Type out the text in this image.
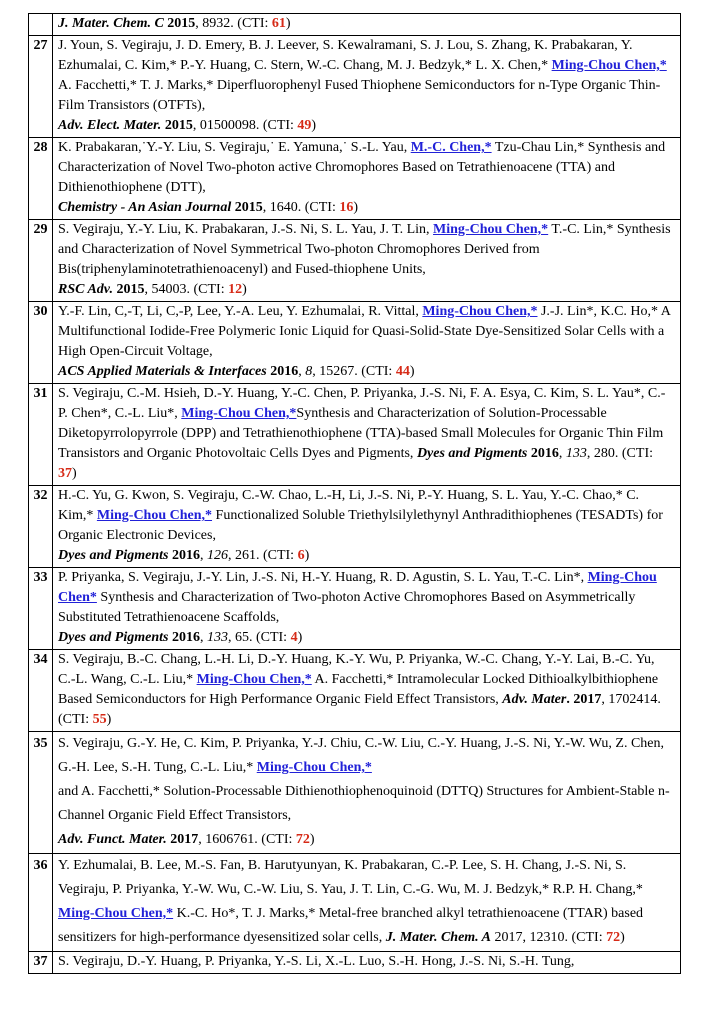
	J. Mater. Chem. C 2015, 8932. (CTI: 61)
27	J. Youn, S. Vegiraju, J. D. Emery, B. J. Leever, S. Kewalramani, S. J. Lou, S. Zhang, K. Prabakaran, Y. Ezhumalai, C. Kim,* P.-Y. Huang, C. Stern, W.-C. Chang, M. J. Bedzyk,* L. X. Chen,* Ming-Chou Chen,* A. Facchetti,* T. J. Marks,* Diperfluorophenyl Fused Thiophene Semiconductors for n-Type Organic Thin-Film Transistors (OTFTs),
Adv. Elect. Mater. 2015, 01500098. (CTI: 49)
28	K. Prabakaran,˙Y.-Y. Liu, S. Vegiraju,˙ E. Yamuna,˙ S.-L. Yau, M.-C. Chen,* Tzu-Chau Lin,* Synthesis and Characterization of Novel Two-photon active Chromophores Based on Tetrathienoacene (TTA) and Dithienothiophene (DTT),
Chemistry - An Asian Journal 2015, 1640. (CTI: 16)
29	S. Vegiraju, Y.-Y. Liu, K. Prabakaran, J.-S. Ni, S. L. Yau, J. T. Lin, Ming-Chou Chen,* T.-C. Lin,* Synthesis and Characterization of Novel Symmetrical Two-photon Chromophores Derived from Bis(triphenylaminotetrathienoacenyl) and Fused-thiophene Units,
RSC Adv. 2015, 54003. (CTI: 12)
30	Y.-F. Lin, C,-T, Li, C,-P, Lee, Y.-A. Leu, Y. Ezhumalai, R. Vittal, Ming-Chou Chen,* J.-J. Lin*, K.C. Ho,* A Multifunctional Iodide-Free Polymeric Ionic Liquid for Quasi-Solid-State Dye-Sensitized Solar Cells with a High Open-Circuit Voltage,
ACS Applied Materials & Interfaces 2016, 8, 15267. (CTI: 44)
31	S. Vegiraju, C.-M. Hsieh, D.-Y. Huang, Y.-C. Chen, P. Priyanka, J.-S. Ni, F. A. Esya, C. Kim, S. L. Yau*, C.-P. Chen*, C.-L. Liu*, Ming-Chou Chen,*Synthesis and Characterization of Solution-Processable Diketopyrrolopyrrole (DPP) and Tetrathienothiophene (TTA)-based Small Molecules for Organic Thin Film Transistors and Organic Photovoltaic Cells Dyes and Pigments, Dyes and Pigments 2016, 133, 280. (CTI: 37)
32	H.-C. Yu, G. Kwon, S. Vegiraju, C.-W. Chao, L.-H, Li, J.-S. Ni, P.-Y. Huang, S. L. Yau, Y.-C. Chao,* C. Kim,* Ming-Chou Chen,* Functionalized Soluble Triethylsilylethynyl Anthradithiophenes (TESADTs) for Organic Electronic Devices,
Dyes and Pigments 2016, 126, 261. (CTI: 6)
33	P. Priyanka, S. Vegiraju, J.-Y. Lin, J.-S. Ni, H.-Y. Huang, R. D. Agustin, S. L. Yau, T.-C. Lin*, Ming-Chou Chen* Synthesis and Characterization of Two-photon Active Chromophores Based on Asymmetrically Substituted Tetrathienoacene Scaffolds,
Dyes and Pigments 2016, 133, 65. (CTI: 4)
34	S. Vegiraju, B.-C. Chang, L.-H. Li, D.-Y. Huang, K.-Y. Wu, P. Priyanka, W.-C. Chang, Y.-Y. Lai, B.-C. Yu, C.-L. Wang, C.-L. Liu,* Ming-Chou Chen,* A. Facchetti,* Intramolecular Locked Dithioalkylbithiophene Based Semiconductors for High Performance Organic Field Effect Transistors, Adv. Mater. 2017, 1702414. (CTI: 55)
35	S. Vegiraju, G.-Y. He, C. Kim, P. Priyanka, Y.-J. Chiu, C.-W. Liu, C.-Y. Huang, J.-S. Ni, Y.-W. Wu, Z. Chen, G.-H. Lee, S.-H. Tung, C.-L. Liu,* Ming-Chou Chen,*
and A. Facchetti,* Solution-Processable Dithienothiophenoquinoid (DTTQ) Structures for Ambient-Stable n-Channel Organic Field Effect Transistors,
Adv. Funct. Mater. 2017, 1606761. (CTI: 72)
36	Y. Ezhumalai, B. Lee, M.-S. Fan, B. Harutyunyan, K. Prabakaran, C.-P. Lee, S. H. Chang, J.-S. Ni, S. Vegiraju, P. Priyanka, Y.-W. Wu, C.-W. Liu, S. Yau, J. T. Lin, C.-G. Wu, M. J. Bedzyk,* R.P. H. Chang,* Ming-Chou Chen,* K.-C. Ho*, T. J. Marks,* Metal-free branched alkyl tetrathienoacene (TTAR) based sensitizers for high-performance dyesensitized solar cells, J. Mater. Chem. A 2017, 12310. (CTI: 72)
37	S. Vegiraju, D.-Y. Huang, P. Priyanka, Y.-S. Li, X.-L. Luo, S.-H. Hong, J.-S. Ni, S.-H. Tung,
